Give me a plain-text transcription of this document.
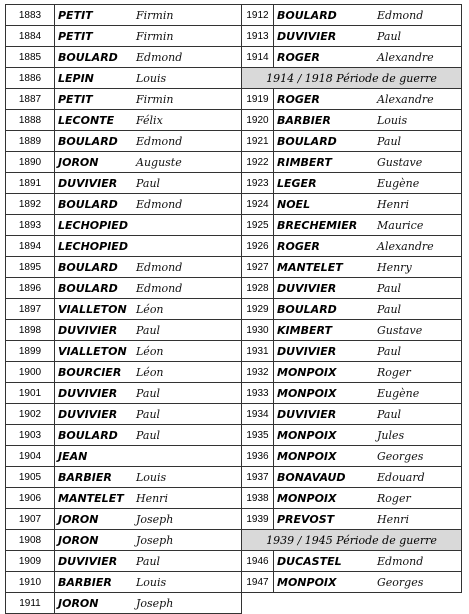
1883	PETIT Firmin	1912	BOULARD Edmond
1884	PETIT Firmin	1913	DUVIVIER Paul
1885	BOULARD Edmond	1914	ROGER Alexandre
1886	LEPIN Louis	1914 / 1918 Période de guerre	
1887	PETIT Firmin	1919	ROGER Alexandre
1888	LECONTE Félix	1920	BARBIER Louis
1889	BOULARD Edmond	1921	BOULARD Paul
1890	JORON Auguste	1922	RIMBERT Gustave
1891	DUVIVIER Paul	1923	LEGER Eugène
1892	BOULARD Edmond	1924	NOEL Henri
1893	LECHOPIED	1925	BRECHEMIER Maurice
1894	LECHOPIED	1926	ROGER Alexandre
1895	BOULARD Edmond	1927	MANTELET Henry
1896	BOULARD Edmond	1928	DUVIVIER Paul
1897	VIALLETON Léon	1929	BOULARD Paul
1898	DUVIVIER Paul	1930	KIMBERT Gustave
1899	VIALLETON Léon	1931	DUVIVIER Paul
1900	BOURCIER Léon	1932	MONPOIX Roger
1901	DUVIVIER Paul	1933	MONPOIX Eugène
1902	DUVIVIER Paul	1934	DUVIVIER Paul
1903	BOULARD Paul	1935	MONPOIX Jules
1904	JEAN	1936	MONPOIX Georges
1905	BARBIER Louis	1937	BONAVAUD Edouard
1906	MANTELET Henri	1938	MONPOIX Roger
1907	JORON Joseph	1939	PREVOST Henri
1908	JORON Joseph	1939 / 1945 Période de guerre	
1909	DUVIVIER Paul	1946	DUCASTEL Edmond
1910	BARBIER Louis	1947	MONPOIX Georges
1911	JORON Joseph		
